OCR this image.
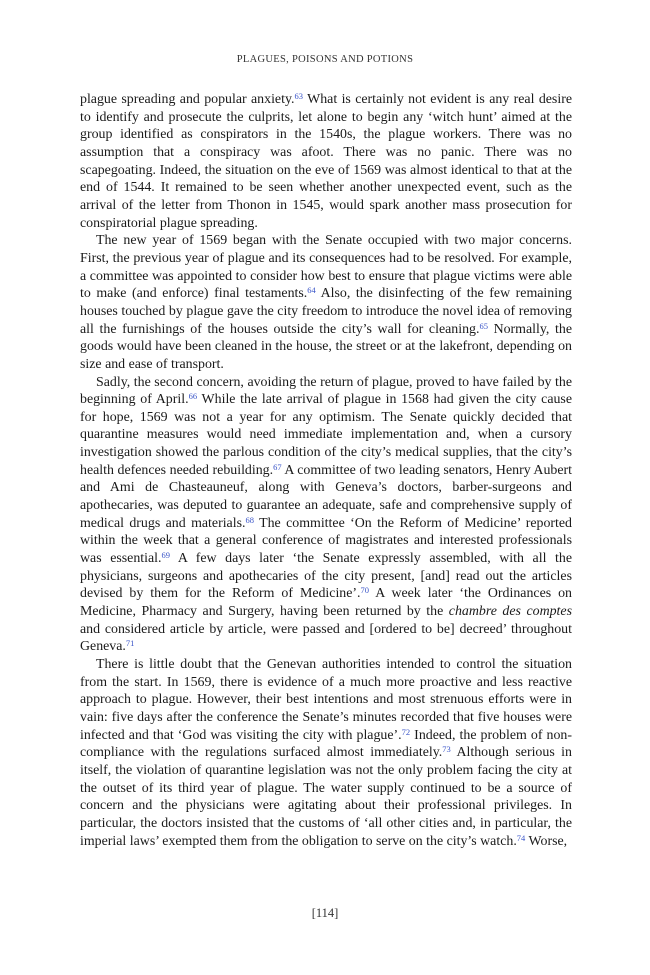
PLAGUES, POISONS AND POTIONS

plague spreading and popular anxiety.$^{63}$ What is certainly not evident is any real desire to identify and prosecute the culprits, let alone to begin any ‘witch hunt’ aimed at the group identified as conspirators in the 1540s, the plague workers. There was no assumption that a conspiracy was afoot. There was no panic. There was no scapegoating. Indeed, the situation on the eve of 1569 was almost identical to that at the end of 1544. It remained to be seen whether another unexpected event, such as the arrival of the letter from Thonon in 1545, would spark another mass prosecution for conspiratorial plague spreading.

The new year of 1569 began with the Senate occupied with two major concerns. First, the previous year of plague and its consequences had to be resolved. For example, a committee was appointed to consider how best to ensure that plague victims were able to make (and enforce) final testaments.$^{64}$ Also, the disinfecting of the few remaining houses touched by plague gave the city freedom to introduce the novel idea of removing all the furnishings of the houses outside the city’s wall for cleaning.$^{65}$ Normally, the goods would have been cleaned in the house, the street or at the lakefront, depending on size and ease of transport.

Sadly, the second concern, avoiding the return of plague, proved to have failed by the beginning of April.$^{66}$ While the late arrival of plague in 1568 had given the city cause for hope, 1569 was not a year for any optimism. The Senate quickly decided that quarantine measures would need immediate implementation and, when a cursory investigation showed the parlous condition of the city’s medical supplies, that the city’s health defences needed rebuilding.$^{67}$ A committee of two leading senators, Henry Aubert and Ami de Chasteauneuf, along with Geneva’s doctors, barber-surgeons and apothecaries, was deputed to guarantee an adequate, safe and comprehensive supply of medical drugs and materials.$^{68}$ The committee ‘On the Reform of Medicine’ reported within the week that a general conference of magistrates and interested professionals was essential.$^{69}$ A few days later ‘the Senate expressly assembled, with all the physicians, surgeons and apothecaries of the city present, [and] read out the articles devised by them for the Reform of Medicine’.$^{70}$ A week later ‘the Ordinances on Medicine, Pharmacy and Surgery, having been returned by the chambre des comptes and considered article by article, were passed and [ordered to be] decreed’ throughout Geneva.$^{71}$

There is little doubt that the Genevan authorities intended to control the situation from the start. In 1569, there is evidence of a much more proactive and less reactive approach to plague. However, their best intentions and most strenuous efforts were in vain: five days after the conference the Senate’s minutes recorded that five houses were infected and that ‘God was visiting the city with plague’.$^{72}$ Indeed, the problem of non-compliance with the regulations surfaced almost immediately.$^{73}$ Although serious in itself, the violation of quarantine legislation was not the only problem facing the city at the outset of its third year of plague. The water supply continued to be a source of concern and the physicians were agitating about their professional privileges. In particular, the doctors insisted that the customs of ‘all other cities and, in particular, the imperial laws’ exempted them from the obligation to serve on the city’s watch.$^{74}$ Worse,

[114]
